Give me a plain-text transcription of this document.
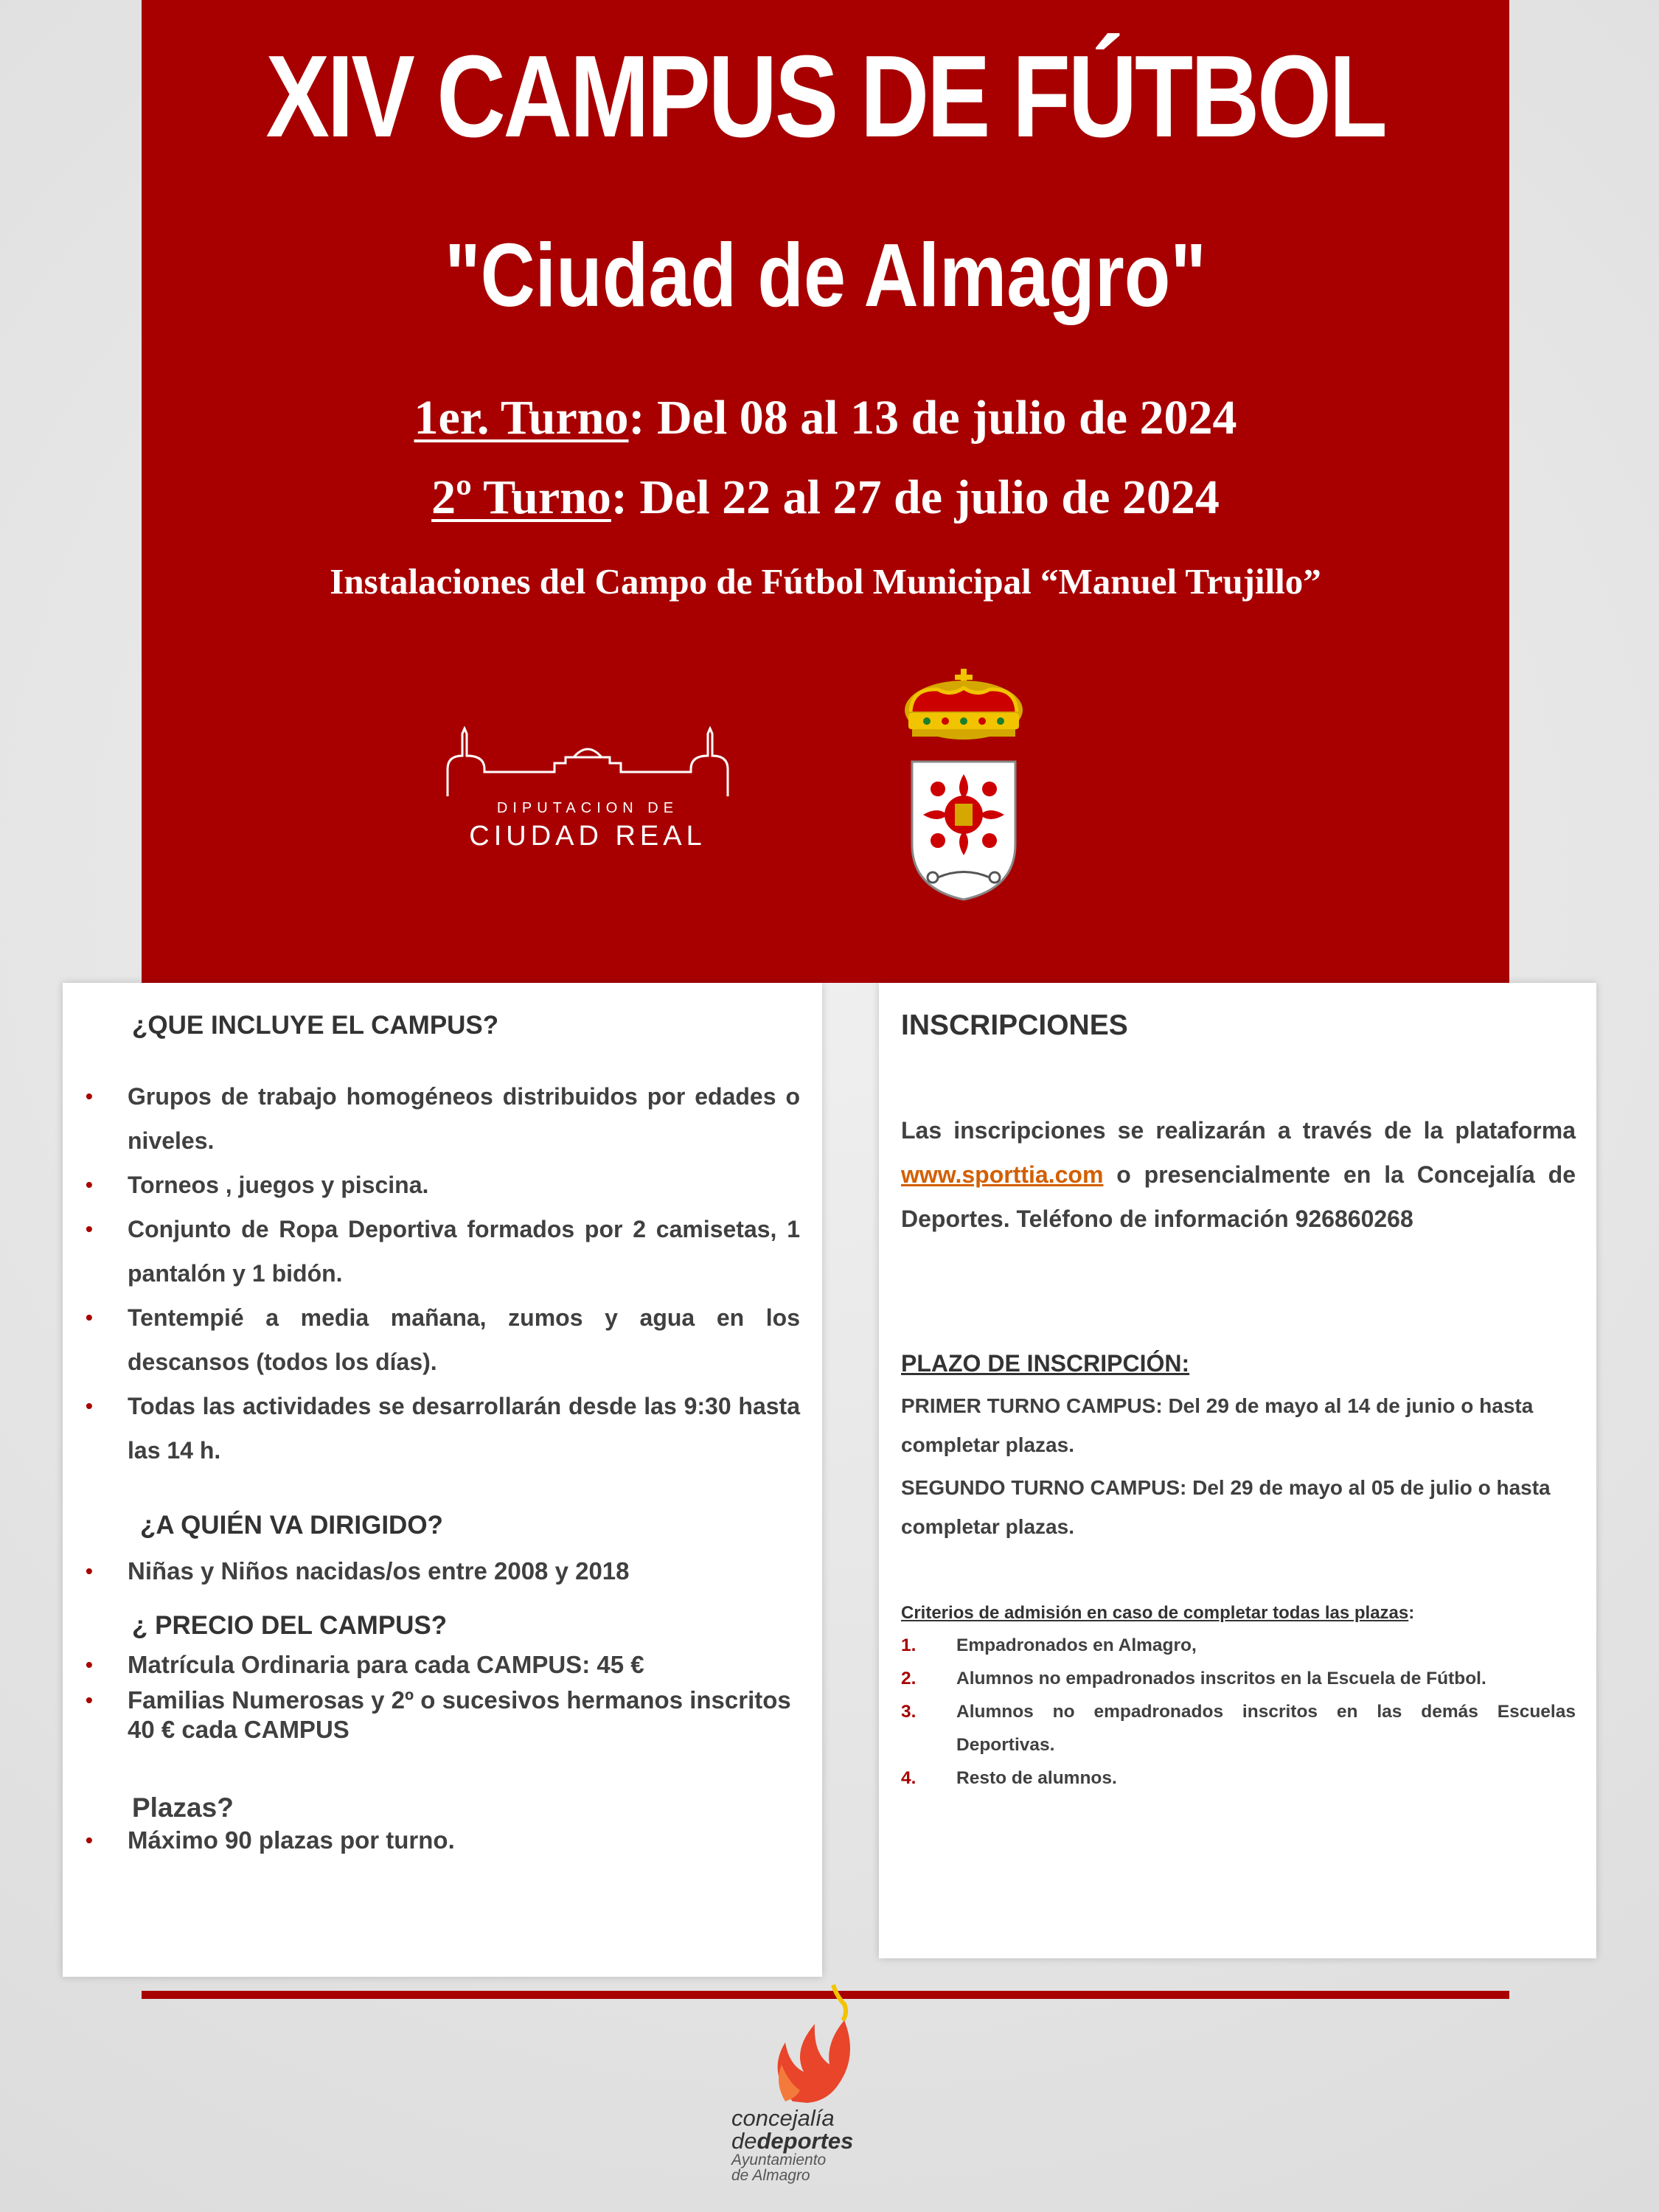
XIV CAMPUS DE FÚTBOL
"Ciudad de Almagro"
1er. Turno: Del 08 al 13 de julio de 2024
2º Turno: Del 22 al 27 de julio de 2024
Instalaciones del Campo de Fútbol Municipal “Manuel Trujillo”
DIPUTACION DE
CIUDAD REAL
¿QUE INCLUYE EL CAMPUS?
• Grupos de trabajo homogéneos distribuidos por edades o niveles.
• Torneos , juegos y piscina.
• Conjunto de Ropa Deportiva formados por 2 camisetas, 1 pantalón y 1 bidón.
• Tentempié a media mañana, zumos y agua en los descansos (todos los días).
• Todas las actividades se desarrollarán desde las 9:30 hasta las 14 h.
¿A QUIÉN VA DIRIGIDO?
• Niñas y Niños nacidas/os entre 2008 y 2018
¿ PRECIO DEL CAMPUS?
• Matrícula Ordinaria para cada CAMPUS: 45 €
• Familias Numerosas y 2º o sucesivos hermanos inscritos 40 € cada CAMPUS
Plazas?
• Máximo 90 plazas por turno.
INSCRIPCIONES
Las inscripciones se realizarán a través de la plataforma www.sporttia.com o presencialmente en la Concejalía de Deportes. Teléfono de información 926860268
PLAZO DE INSCRIPCIÓN:
PRIMER TURNO CAMPUS: Del 29 de mayo al 14 de junio o hasta completar plazas.
SEGUNDO TURNO CAMPUS: Del 29 de mayo al 05 de julio o hasta completar plazas.
Criterios de admisión en caso de completar todas las plazas:
1. Empadronados en Almagro,
2. Alumnos no empadronados inscritos en la Escuela de Fútbol.
3. Alumnos no empadronados inscritos en las demás Escuelas Deportivas.
4. Resto de alumnos.
concejalía
dedeportes
Ayuntamiento
de Almagro
